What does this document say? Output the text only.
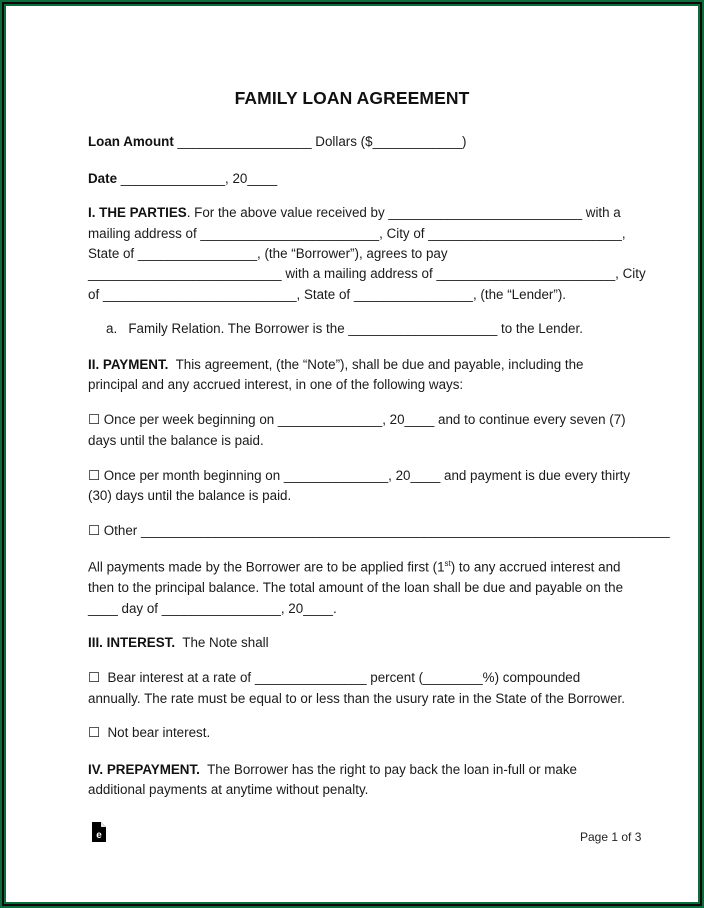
FAMILY LOAN AGREEMENT
Loan Amount __________________ Dollars ($____________)
Date ______________, 20____
I. THE PARTIES. For the above value received by __________________________ with a
mailing address of ________________________, City of __________________________,
State of ________________, (the “Borrower”), agrees to pay
__________________________ with a mailing address of ________________________, City
of __________________________, State of ________________, (the “Lender”).
a.   Family Relation. The Borrower is the ____________________ to the Lender.
II. PAYMENT.  This agreement, (the “Note”), shall be due and payable, including the
principal and any accrued interest, in one of the following ways:
☐ Once per week beginning on ______________, 20____ and to continue every seven (7)
days until the balance is paid.
☐ Once per month beginning on ______________, 20____ and payment is due every thirty
(30) days until the balance is paid.
☐ Other _______________________________________________________________________
All payments made by the Borrower are to be applied first (1st) to any accrued interest and
then to the principal balance. The total amount of the loan shall be due and payable on the
____ day of ________________, 20____.
III. INTEREST.  The Note shall
☐  Bear interest at a rate of _______________ percent (________%) compounded
annually. The rate must be equal to or less than the usury rate in the State of the Borrower.
☐  Not bear interest.
IV. PREPAYMENT.  The Borrower has the right to pay back the loan in-full or make
additional payments at anytime without penalty.
e	Page 1 of 3
